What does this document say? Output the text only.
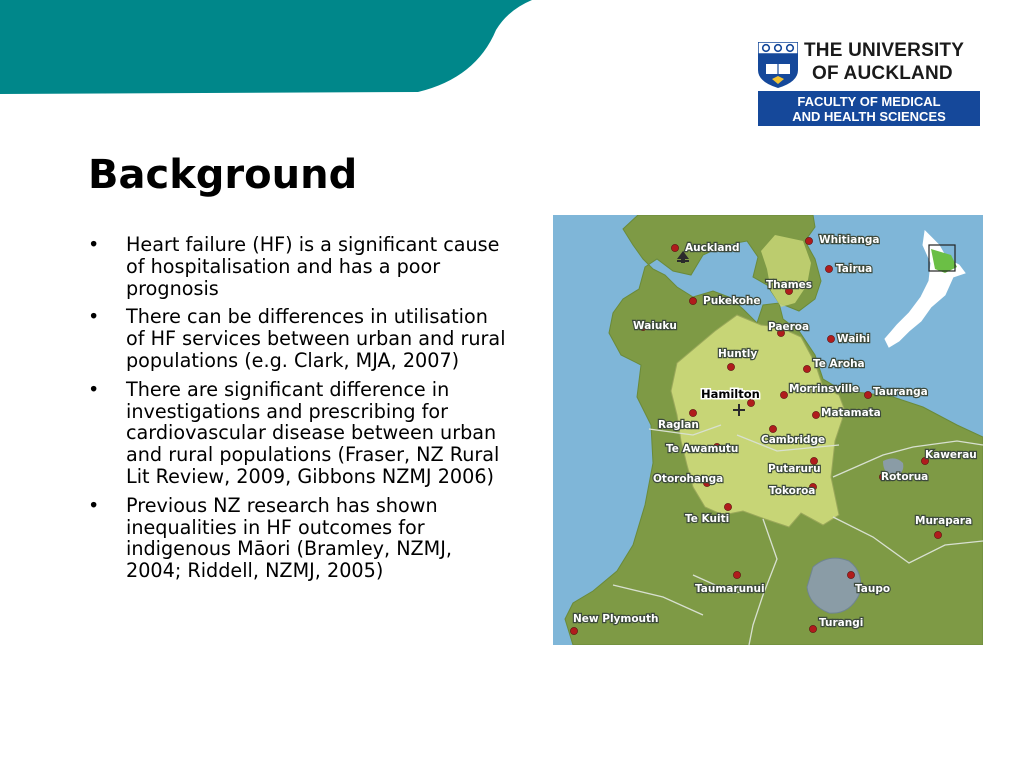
THE UNIVERSITY
OF AUCKLAND
FACULTY OF MEDICAL
AND HEALTH SCIENCES
Background
• Heart failure (HF) is a significant cause of hospitalisation and has a poor prognosis
• There can be differences in utilisation of HF services between urban and rural populations (e.g. Clark, MJA, 2007)
• There are significant difference in investigations and prescribing for cardiovascular disease between urban and rural populations (Fraser, NZ Rural Lit Review, 2009, Gibbons NZMJ 2006)
• Previous NZ research has shown inequalities in HF outcomes for indigenous Māori (Bramley, NZMJ, 2004; Riddell, NZMJ, 2005)
Auckland
Whitianga
Tairua
Thames
Pukekohe
Waiuku	Paeroa
Waihi
Huntly
Te Aroha
Hamilton	Morrinsville Tauranga
Matamata
Raglan
Cambridge
Te Awamutu	Kawerau
Putaruru
Rotorua
Otorohanga
Tokoroa
Te Kuiti	Murapara
Taumarunui	Taupo
New Plymouth	Turangi
